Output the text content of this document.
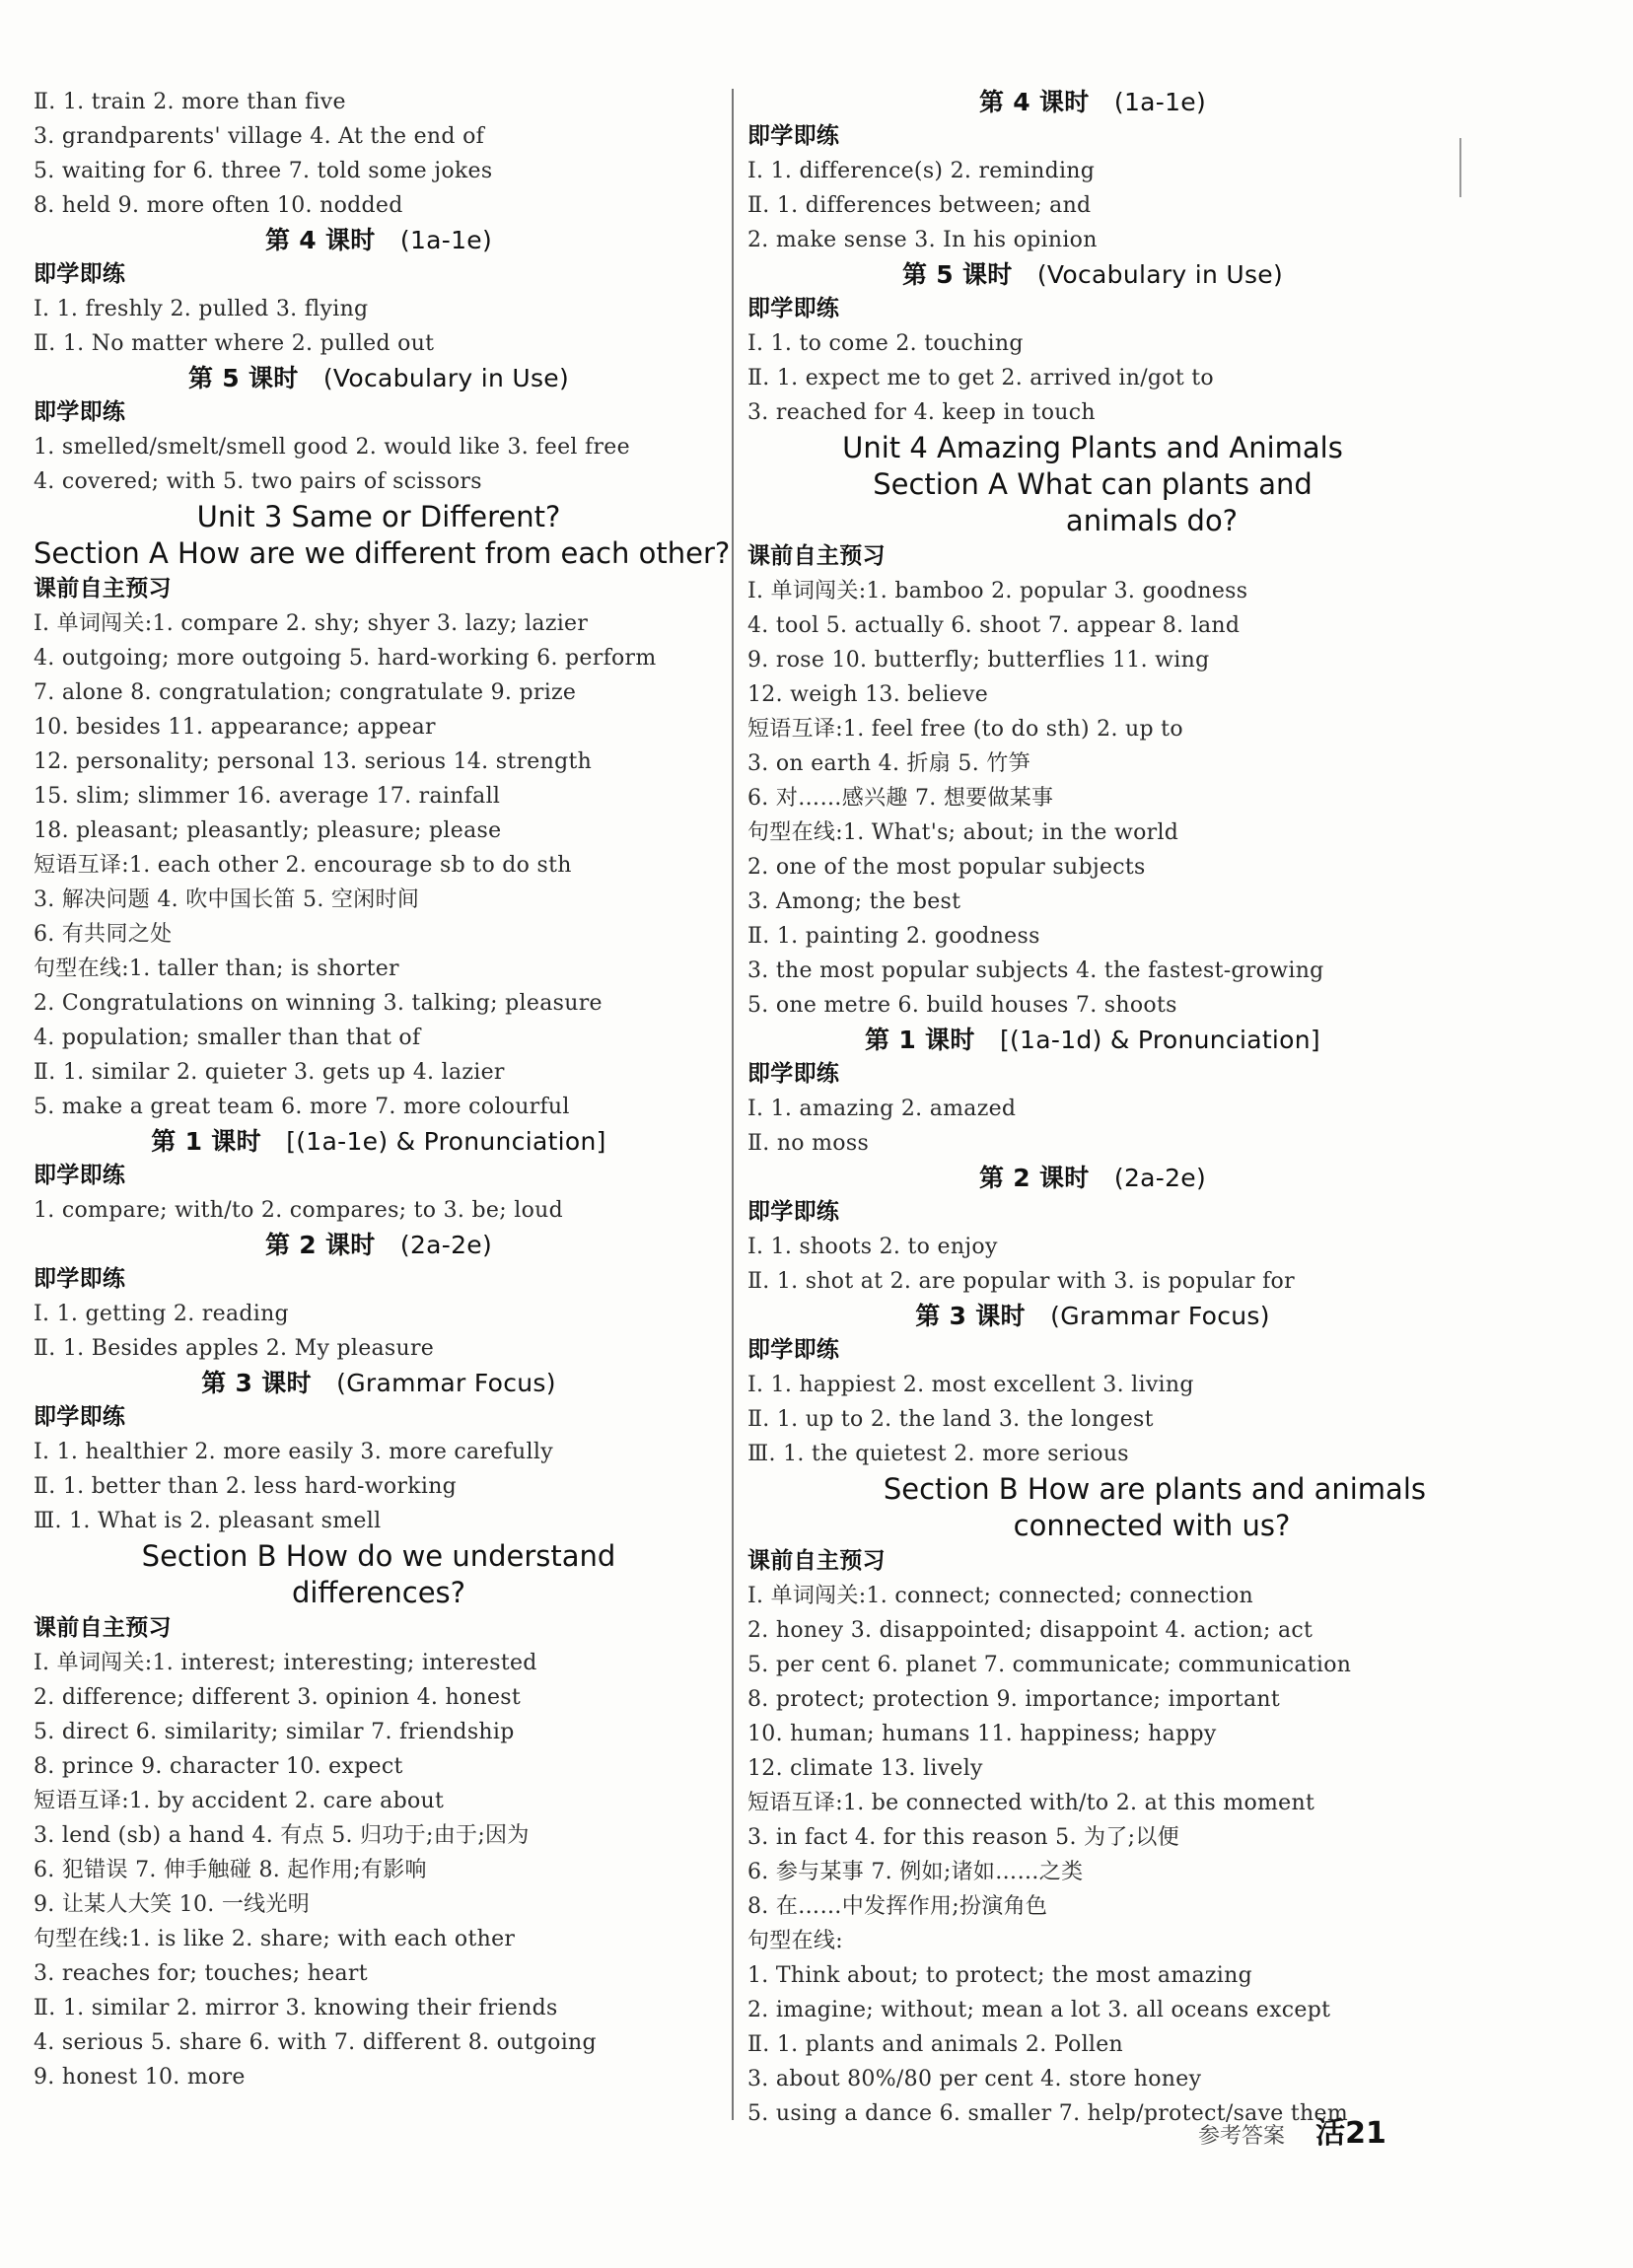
Ⅱ. 1. train 2. more than five
3. grandparents' village 4. At the end of
5. waiting for 6. three 7. told some jokes
8. held 9. more often 10. nodded
第 4 课时  (1a-1e)
即学即练
Ⅰ. 1. freshly 2. pulled 3. flying
Ⅱ. 1. No matter where 2. pulled out
第 5 课时  (Vocabulary in Use)
即学即练
1. smelled/smelt/smell good 2. would like 3. feel free
4. covered; with 5. two pairs of scissors
Unit 3 Same or Different?
Section A How are we different from each other?
课前自主预习
Ⅰ. 单词闯关:1. compare 2. shy; shyer 3. lazy; lazier
4. outgoing; more outgoing 5. hard-working 6. perform
7. alone 8. congratulation; congratulate 9. prize
10. besides 11. appearance; appear
12. personality; personal 13. serious 14. strength
15. slim; slimmer 16. average 17. rainfall
18. pleasant; pleasantly; pleasure; please
短语互译:1. each other 2. encourage sb to do sth
3. 解决问题 4. 吹中国长笛 5. 空闲时间
6. 有共同之处
句型在线:1. taller than; is shorter
2. Congratulations on winning 3. talking; pleasure
4. population; smaller than that of
Ⅱ. 1. similar 2. quieter 3. gets up 4. lazier
5. make a great team 6. more 7. more colourful
第 1 课时  [(1a-1e) & Pronunciation]
即学即练
1. compare; with/to 2. compares; to 3. be; loud
第 2 课时  (2a-2e)
即学即练
Ⅰ. 1. getting 2. reading
Ⅱ. 1. Besides apples 2. My pleasure
第 3 课时  (Grammar Focus)
即学即练
Ⅰ. 1. healthier 2. more easily 3. more carefully
Ⅱ. 1. better than 2. less hard-working
Ⅲ. 1. What is 2. pleasant smell
Section B How do we understand
differences?
课前自主预习
Ⅰ. 单词闯关:1. interest; interesting; interested
2. difference; different 3. opinion 4. honest
5. direct 6. similarity; similar 7. friendship
8. prince 9. character 10. expect
短语互译:1. by accident 2. care about
3. lend (sb) a hand 4. 有点 5. 归功于;由于;因为
6. 犯错误 7. 伸手触碰 8. 起作用;有影响
9. 让某人大笑 10. 一线光明
句型在线:1. is like 2. share; with each other
3. reaches for; touches; heart
Ⅱ. 1. similar 2. mirror 3. knowing their friends
4. serious 5. share 6. with 7. different 8. outgoing
9. honest 10. more
第 4 课时  (1a-1e)
即学即练
Ⅰ. 1. difference(s) 2. reminding
Ⅱ. 1. differences between; and
2. make sense 3. In his opinion
第 5 课时  (Vocabulary in Use)
即学即练
Ⅰ. 1. to come 2. touching
Ⅱ. 1. expect me to get 2. arrived in/got to
3. reached for 4. keep in touch
Unit 4 Amazing Plants and Animals
Section A What can plants and
animals do?
课前自主预习
Ⅰ. 单词闯关:1. bamboo 2. popular 3. goodness
4. tool 5. actually 6. shoot 7. appear 8. land
9. rose 10. butterfly; butterflies 11. wing
12. weigh 13. believe
短语互译:1. feel free (to do sth) 2. up to
3. on earth 4. 折扇 5. 竹笋
6. 对……感兴趣 7. 想要做某事
句型在线:1. What's; about; in the world
2. one of the most popular subjects
3. Among; the best
Ⅱ. 1. painting 2. goodness
3. the most popular subjects 4. the fastest-growing
5. one metre 6. build houses 7. shoots
第 1 课时  [(1a-1d) & Pronunciation]
即学即练
Ⅰ. 1. amazing 2. amazed
Ⅱ. no moss
第 2 课时  (2a-2e)
即学即练
Ⅰ. 1. shoots 2. to enjoy
Ⅱ. 1. shot at 2. are popular with 3. is popular for
第 3 课时  (Grammar Focus)
即学即练
Ⅰ. 1. happiest 2. most excellent 3. living
Ⅱ. 1. up to 2. the land 3. the longest
Ⅲ. 1. the quietest 2. more serious
Section B How are plants and animals
connected with us?
课前自主预习
Ⅰ. 单词闯关:1. connect; connected; connection
2. honey 3. disappointed; disappoint 4. action; act
5. per cent 6. planet 7. communicate; communication
8. protect; protection 9. importance; important
10. human; humans 11. happiness; happy
12. climate 13. lively
短语互译:1. be connected with/to 2. at this moment
3. in fact 4. for this reason 5. 为了;以便
6. 参与某事 7. 例如;诸如……之类
8. 在……中发挥作用;扮演角色
句型在线:
1. Think about; to protect; the most amazing
2. imagine; without; mean a lot 3. all oceans except
Ⅱ. 1. plants and animals 2. Pollen
3. about 80%/80 per cent 4. store honey
5. using a dance 6. smaller 7. help/protect/save them
参考答案 活21
